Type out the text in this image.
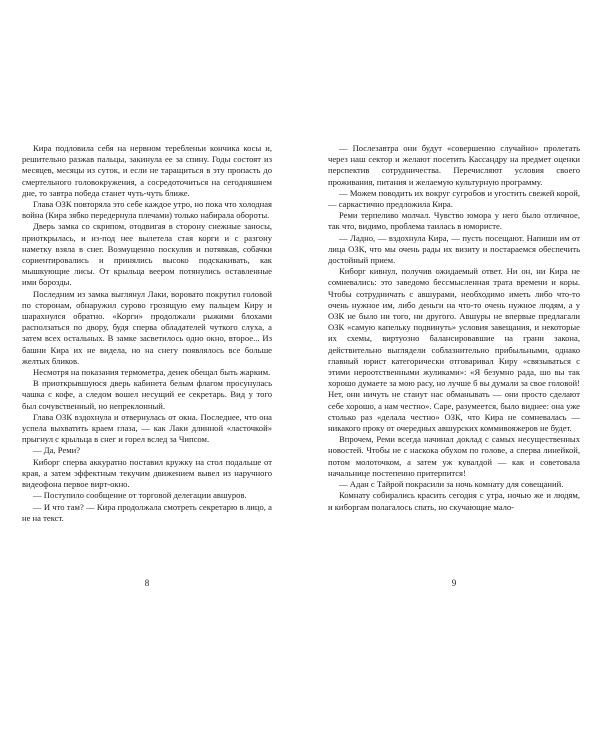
Кира подловила себя на нервном теребленьи кончика косы и, решительно разжав пальцы, закинула ее за спину. Годы состоят из месяцев, месяцы из суток, и если не таращиться в эту пропасть до смертельного головокружения, а сосредоточиться на сегодняшнем дне, то завтра победа станет чуть-чуть ближе.

Глава ОЗК повторяла это себе каждое утро, но пока что холодная война (Кира зябко передернула плечами) только набирала обороты.

Дверь замка со скрипом, отодвигая в сторону снежные заносы, приоткрылась, и из-под нее вылетела стая корги и с разгону наметку взяла в снег. Возмущенно поскулив и потявкав, собачки сориентировались и принялись высоко подскакивать, как мышкующие лисы. От крыльца веером потянулись оставленные ими борозды.

Последним из замка выглянул Лаки, воровато покрутил головой по сторонам, обнаружил сурово грозящую ему пальцем Киру и шарахнулся обратно. «Корги» продолжали рыжими блохами расползаться по двору, будя сперва обладателей чуткого слуха, а затем всех остальных. В замке засветилось одно окно, второе... Из башни Кира их не видела, но на снегу появлялось все больше желтых бликов.

Несмотря на показания термометра, денек обещал быть жарким.

В приоткрывшуюся дверь кабинета белым флагом просунулась чашка с кофе, а следом вошел несущий ее секретарь. Вид у того был сочувственный, но непреклонный.

Глава ОЗК вздохнула и отвернулась от окна. Последнее, что она успела выхватить краем глаза, — как Лаки длинной «ласточкой» прыгнул с крыльца в снег и горел вслед за Чипсом.

— Да, Реми?

Киборг сперва аккуратно поставил кружку на стол подальше от края, а затем эффектным текучим движением вывел из наручного видеофона первое вирт-окно.

— Поступило сообщение от торговой делегации авшуров.

— И что там? — Кира продолжала смотреть секретарю в лицо, а не на текст.

8

— Послезавтра они будут «совершенно случайно» пролетать через наш сектор и желают посетить Кассандру на предмет оценки перспектив сотрудничества. Перечисляют условия своего проживания, питания и желаемую культурную программу.

— Можем поводить их вокруг сугробов и угостить свежей корой, — саркастично предложила Кира.

Реми терпеливо молчал. Чувство юмора у него было отличное, так что, видимо, проблема таилась в юмористе.

— Ладно, — вздохнула Кира, — пусть посещают. Напиши им от лица ОЗК, что мы очень рады их визиту и постараемся обеспечить достойный прием.

Киборг кивнул, получив ожидаемый ответ. Ни он, ни Кира не сомневались: это заведомо бессмысленная трата времени и коры. Чтобы сотрудничать с авшурами, необходимо иметь либо что-то очень нужное им, либо деньги на что-то очень нужное людям, а у ОЗК не было ни того, ни другого. Авшуры не впервые предлагали ОЗК «самую капельку подвинуть» условия завещания, и некоторые их схемы, виртуозно балансировавшие на грани закона, действительно выглядели соблазнительно прибыльными, однако главный юрист категорически отговаривал Киру «связываться с этими нероотственными жуликами»: «Я безумно рада, шо вы так хорошо думаете за мою расу, но лучше б вы думали за свое головой! Нет, они ничуть не станут нас обманывать — они просто сделают себе хорошо, а нам честно». Саре, разумеется, было виднее: она уже столько раз «делала честно» ОЗК, что Кира не сомневалась — никакого проку от очередных авшурских коммивояжеров не будет.

Впрочем, Реми всегда начинал доклад с самых несущественных новостей. Чтобы не с наскока обухом по голове, а сперва линейкой, потом молоточком, а затем уж кувалдой — как и советовала начальнице постепенно притерпится!

— Адан с Тайрой покрасили за ночь комнату для совещаний.

Комнату собирались красить сегодня с утра, ночью же и людям, и киборгам полагалось спать, но скучающие мало-

9
